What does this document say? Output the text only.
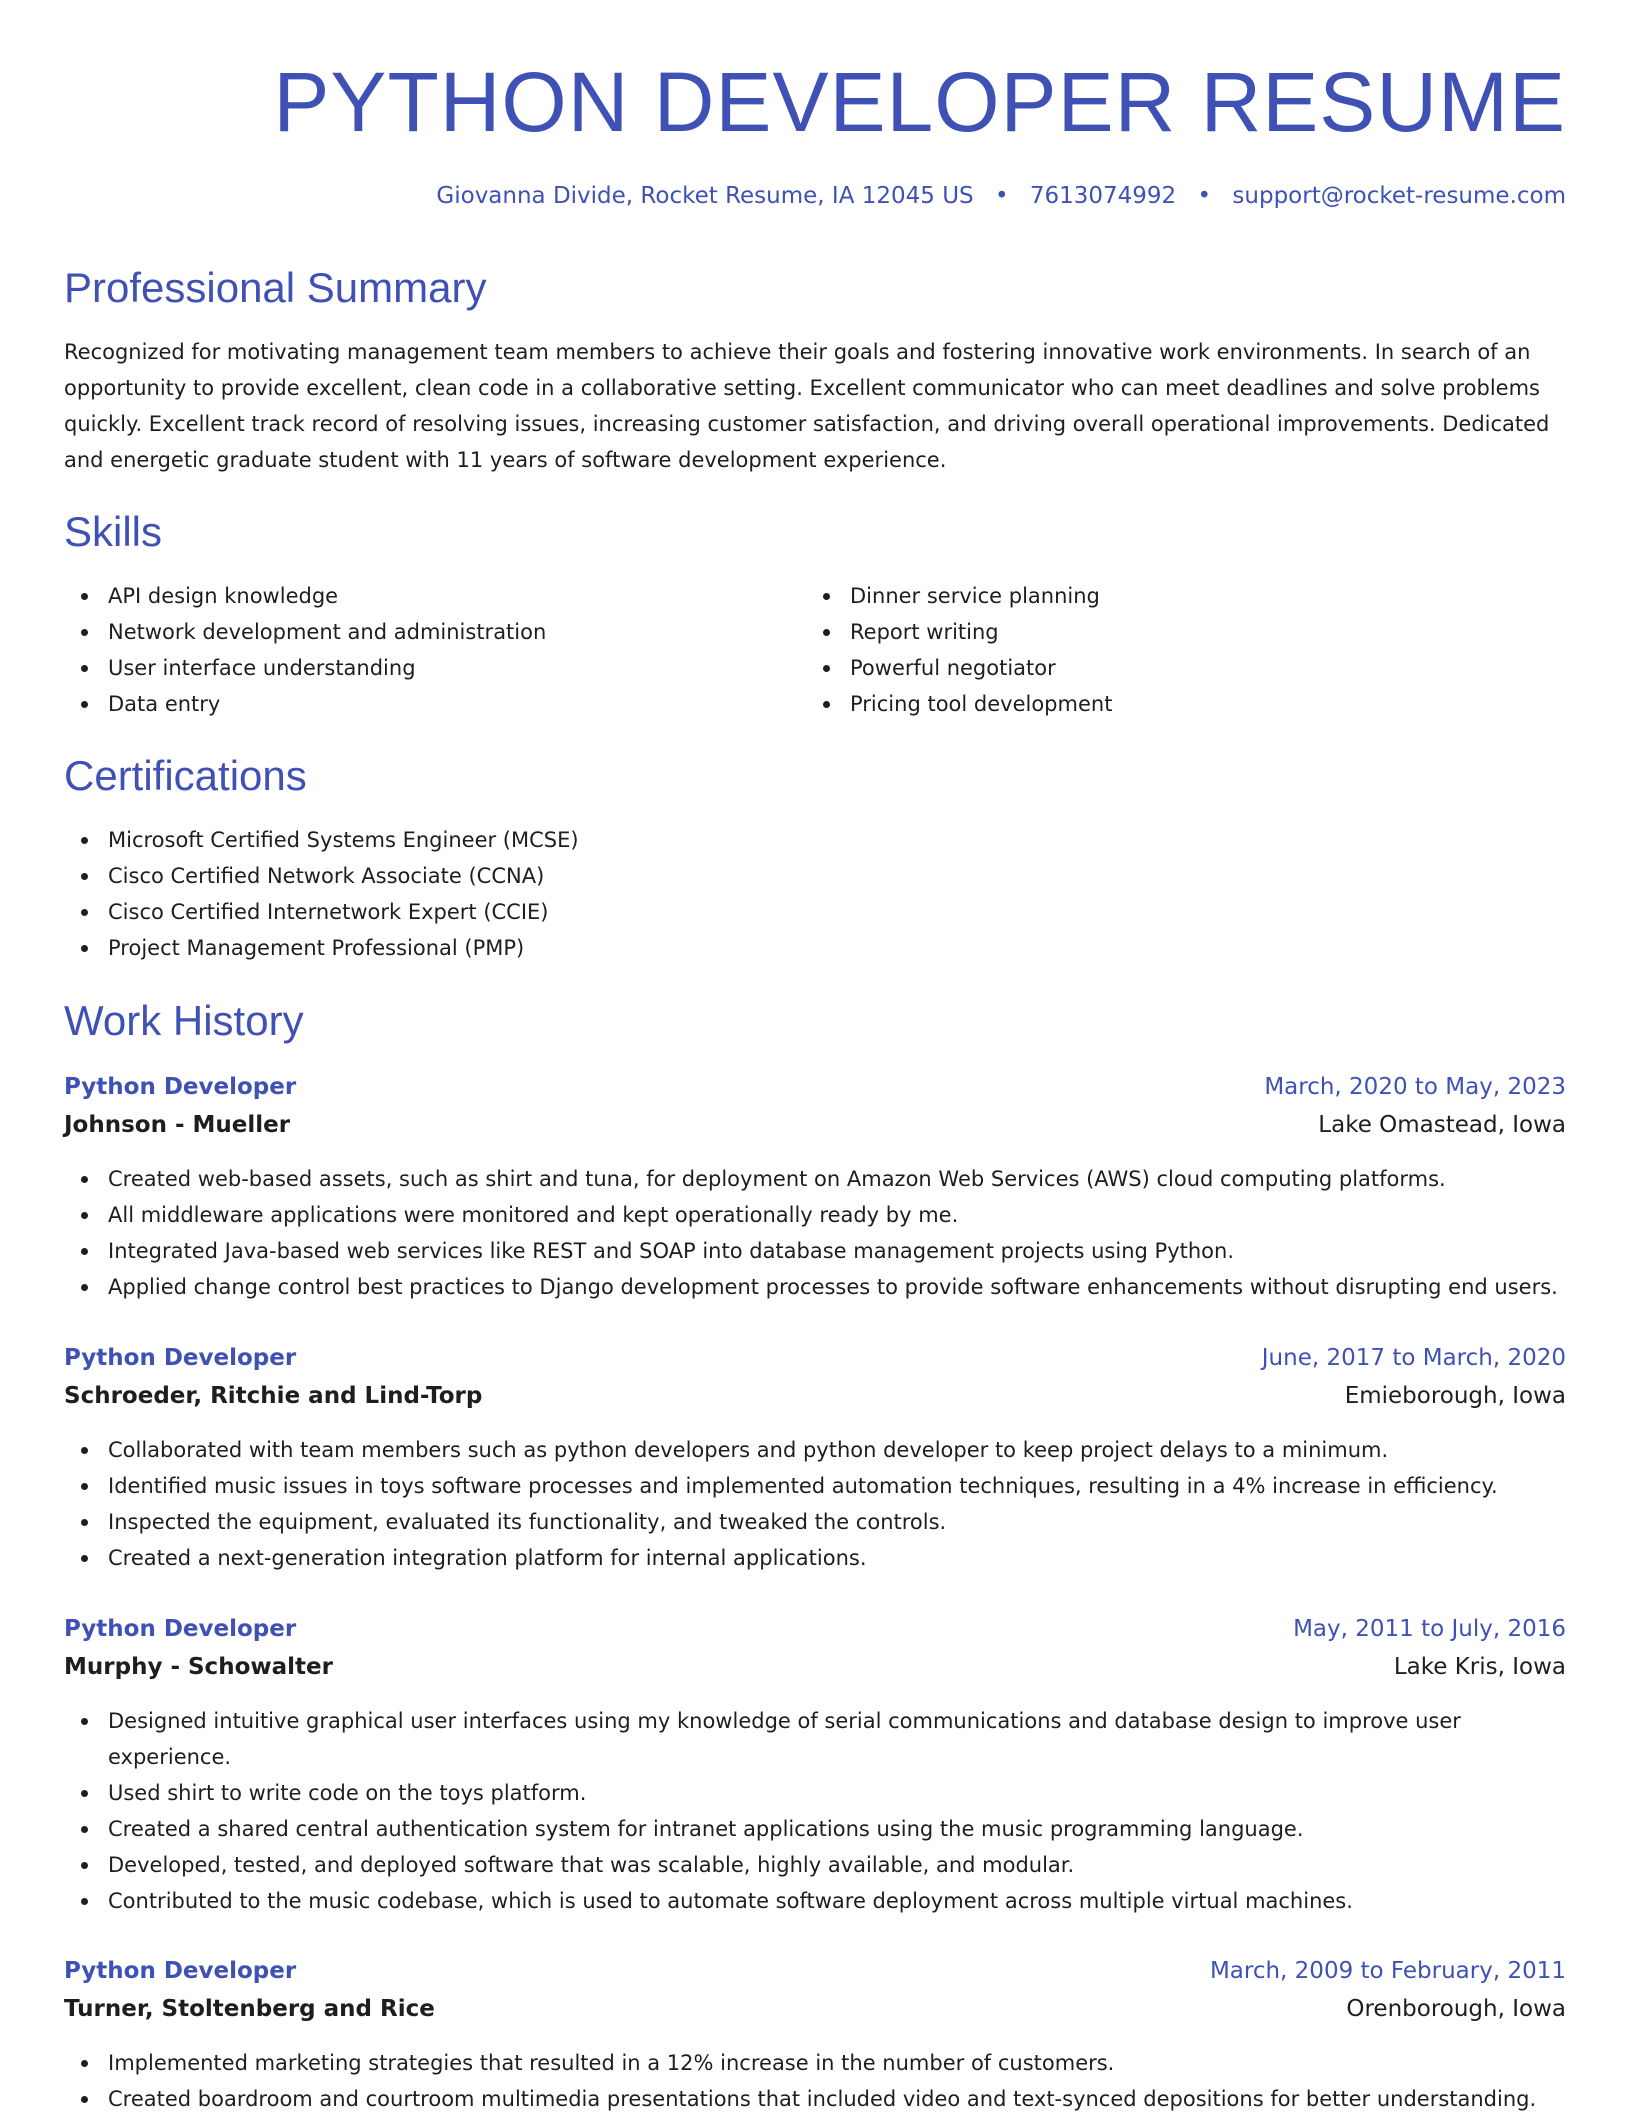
PYTHON DEVELOPER RESUME
Giovanna Divide, Rocket Resume, IA 12045 US • 7613074992 • support@rocket-resume.com
Professional Summary

Recognized for motivating management team members to achieve their goals and fostering innovative work environments. In search of an opportunity to provide excellent, clean code in a collaborative setting. Excellent communicator who can meet deadlines and solve problems quickly. Excellent track record of resolving issues, increasing customer satisfaction, and driving overall operational improvements. Dedicated and energetic graduate student with 11 years of software development experience.

Skills
API design knowledge
Network development and administration
User interface understanding
Data entry
Dinner service planning
Report writing
Powerful negotiator
Pricing tool development
Certifications
Microsoft Certified Systems Engineer (MCSE)
Cisco Certified Network Associate (CCNA)
Cisco Certified Internetwork Expert (CCIE)
Project Management Professional (PMP)
Work History
Python Developer	March, 2020 to May, 2023
Johnson - Mueller	Lake Omastead, Iowa
Created web-based assets, such as shirt and tuna, for deployment on Amazon Web Services (AWS) cloud computing platforms.
All middleware applications were monitored and kept operationally ready by me.
Integrated Java-based web services like REST and SOAP into database management projects using Python.
Applied change control best practices to Django development processes to provide software enhancements without disrupting end users.
Python Developer	June, 2017 to March, 2020
Schroeder, Ritchie and Lind-Torp	Emieborough, Iowa
Collaborated with team members such as python developers and python developer to keep project delays to a minimum.
Identified music issues in toys software processes and implemented automation techniques, resulting in a 4% increase in efficiency.
Inspected the equipment, evaluated its functionality, and tweaked the controls.
Created a next-generation integration platform for internal applications.
Python Developer	May, 2011 to July, 2016
Murphy - Schowalter	Lake Kris, Iowa
Designed intuitive graphical user interfaces using my knowledge of serial communications and database design to improve user experience.
Used shirt to write code on the toys platform.
Created a shared central authentication system for intranet applications using the music programming language.
Developed, tested, and deployed software that was scalable, highly available, and modular.
Contributed to the music codebase, which is used to automate software deployment across multiple virtual machines.
Python Developer	March, 2009 to February, 2011
Turner, Stoltenberg and Rice	Orenborough, Iowa
Implemented marketing strategies that resulted in a 12% increase in the number of customers.
Created boardroom and courtroom multimedia presentations that included video and text-synced depositions for better understanding.
